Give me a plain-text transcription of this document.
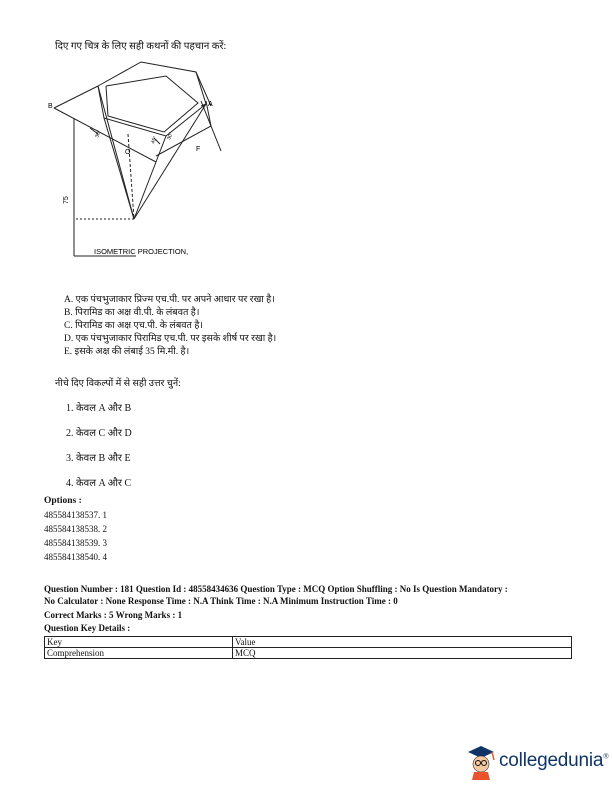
दिए गए चित्र के लिए सही कथनों की पहचान करें:
B	A
O	F
75
30°
45° 30°
ISOMETRIC PROJECTION,
A. एक पंचभुजाकार प्रिज्म एच.पी. पर अपने आधार पर रखा है।
B. पिरामिड का अक्ष वी.पी. के लंबवत है।
C. पिरामिड का अक्ष एच.पी. के लंबवत है।
D. एक पंचभुजाकार पिरामिड एच.पी. पर इसके शीर्ष पर रखा है।
E. इसके अक्ष की लंबाई 35 मि.मी. है।
नीचे दिए विकल्पों में से सही उत्तर चुनें:
1. केवल A और B
2. केवल C और D
3. केवल B और E
4. केवल A और C
Options :
485584138537. 1
485584138538. 2
485584138539. 3
485584138540. 4
Question Number : 181 Question Id : 48558434636 Question Type : MCQ Option Shuffling : No Is Question Mandatory :
No Calculator : None Response Time : N.A Think Time : N.A Minimum Instruction Time : 0
Correct Marks : 5 Wrong Marks : 1
Question Key Details :
Key	Value
Comprehension	MCQ
collegedunia®
